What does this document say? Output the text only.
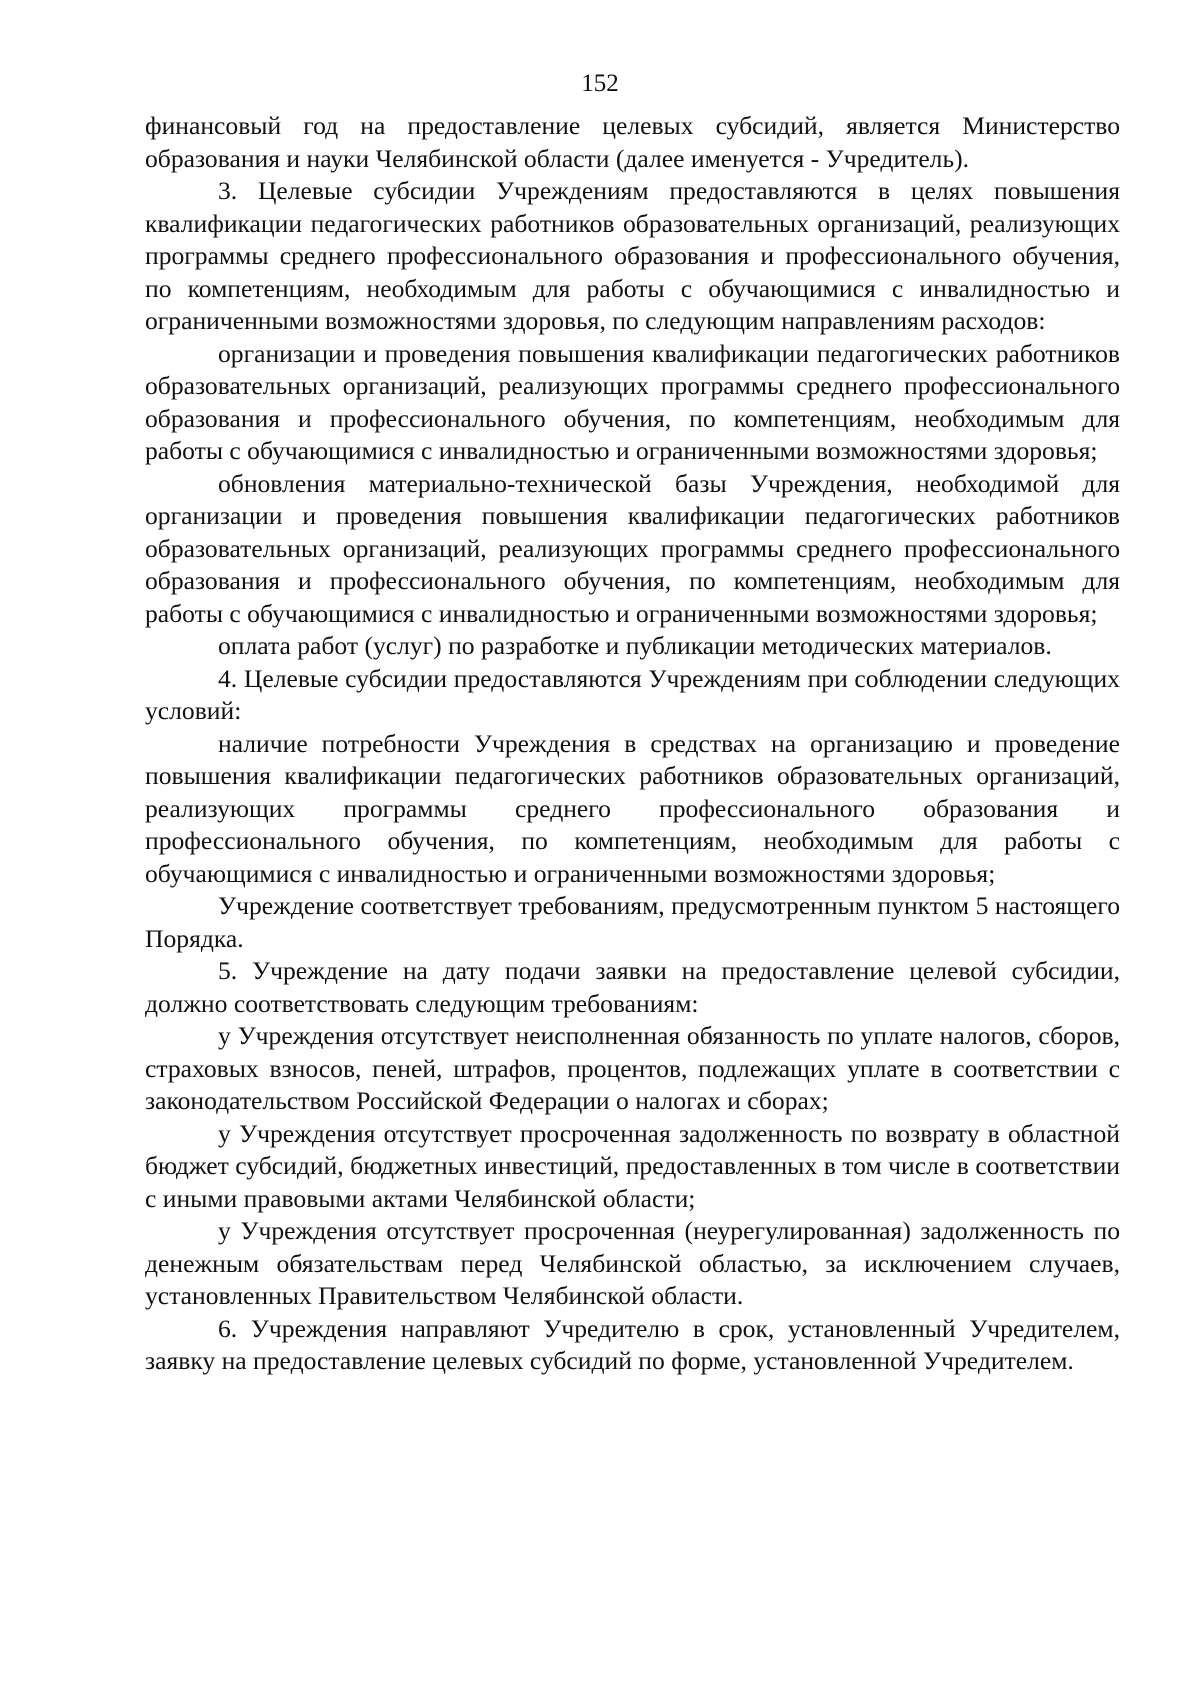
152

финансовый год на предоставление целевых субсидий, является Министерство образования и науки Челябинской области (далее именуется - Учредитель).

3. Целевые субсидии Учреждениям предоставляются в целях повышения квалификации педагогических работников образовательных организаций, реализующих программы среднего профессионального образования и профессионального обучения, по компетенциям, необходимым для работы с обучающимися с инвалидностью и ограниченными возможностями здоровья, по следующим направлениям расходов:

организации и проведения повышения квалификации педагогических работников образовательных организаций, реализующих программы среднего профессионального образования и профессионального обучения, по компетенциям, необходимым для работы с обучающимися с инвалидностью и ограниченными возможностями здоровья;

обновления материально-технической базы Учреждения, необходимой для организации и проведения повышения квалификации педагогических работников образовательных организаций, реализующих программы среднего профессионального образования и профессионального обучения, по компетенциям, необходимым для работы с обучающимися с инвалидностью и ограниченными возможностями здоровья;

оплата работ (услуг) по разработке и публикации методических материалов.

4. Целевые субсидии предоставляются Учреждениям при соблюдении следующих условий:

наличие потребности Учреждения в средствах на организацию и проведение повышения квалификации педагогических работников образовательных организаций, реализующих программы среднего профессионального образования и профессионального обучения, по компетенциям, необходимым для работы с обучающимися с инвалидностью и ограниченными возможностями здоровья;

Учреждение соответствует требованиям, предусмотренным пунктом 5 настоящего Порядка.

5. Учреждение на дату подачи заявки на предоставление целевой субсидии, должно соответствовать следующим требованиям:

у Учреждения отсутствует неисполненная обязанность по уплате налогов, сборов, страховых взносов, пеней, штрафов, процентов, подлежащих уплате в соответствии с законодательством Российской Федерации о налогах и сборах;

у Учреждения отсутствует просроченная задолженность по возврату в областной бюджет субсидий, бюджетных инвестиций, предоставленных в том числе в соответствии с иными правовыми актами Челябинской области;

у Учреждения отсутствует просроченная (неурегулированная) задолженность по денежным обязательствам перед Челябинской областью, за исключением случаев, установленных Правительством Челябинской области.

6. Учреждения направляют Учредителю в срок, установленный Учредителем, заявку на предоставление целевых субсидий по форме, установленной Учредителем.
